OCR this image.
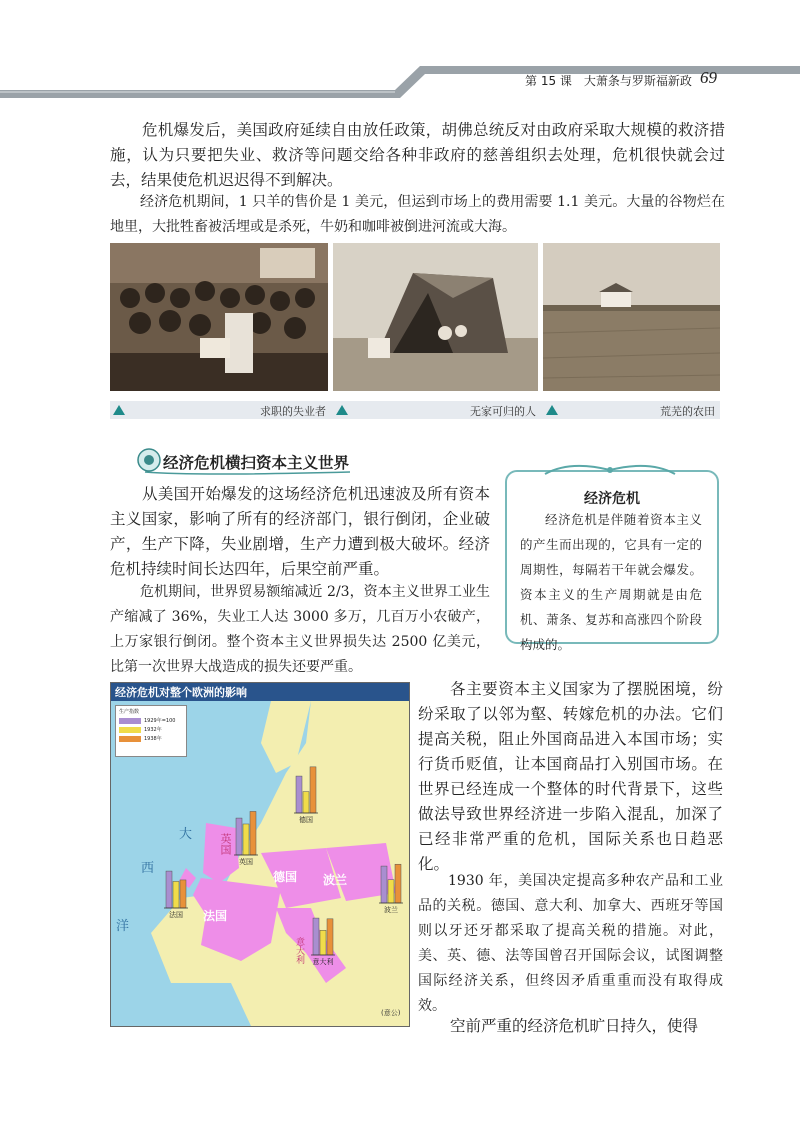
第 15 课　大萧条与罗斯福新政 69

危机爆发后，美国政府延续自由放任政策，胡佛总统反对由政府采取大规模的救济措施，认为只要把失业、救济等问题交给各种非政府的慈善组织去处理，危机很快就会过去，结果使危机迟迟得不到解决。

经济危机期间，1 只羊的售价是 1 美元，但运到市场上的费用需要 1.1 美元。大量的谷物烂在地里，大批牲畜被活埋或是杀死，牛奶和咖啡被倒进河流或大海。

求职的失业者	无家可归的人	荒芜的农田
经济危机横扫资本主义世界

从美国开始爆发的这场经济危机迅速波及所有资本主义国家，影响了所有的经济部门，银行倒闭，企业破产，生产下降，失业剧增，生产力遭到极大破坏。经济危机持续时间长达四年，后果空前严重。

危机期间，世界贸易额缩减近 2/3，资本主义世界工业生产缩减了 36%，失业工人达 3000 多万，几百万小农破产，上万家银行倒闭。整个资本主义世界损失达 2500 亿美元，比第一次世界大战造成的损失还要严重。

经济危机

经济危机是伴随着资本主义的产生而出现的，它具有一定的周期性，每隔若干年就会爆发。资本主义的生产周期就是由危机、萧条、复苏和高涨四个阶段构成的。

经济危机对整个欧洲的影响
生产指数
1929年=100
1932年
1938年
大
西
洋
英国
德国
法国
波兰
意大利
英国
德国
法国
波兰
意大利
(意公)

各主要资本主义国家为了摆脱困境，纷纷采取了以邻为壑、转嫁危机的办法。它们提高关税，阻止外国商品进入本国市场；实行货币贬值，让本国商品打入别国市场。在世界已经连成一个整体的时代背景下，这些做法导致世界经济进一步陷入混乱，加深了已经非常严重的危机，国际关系也日趋恶化。

1930 年，美国决定提高多种农产品和工业品的关税。德国、意大利、加拿大、西班牙等国则以牙还牙都采取了提高关税的措施。对此，美、英、德、法等国曾召开国际会议，试图调整国际经济关系，但终因矛盾重重而没有取得成效。

空前严重的经济危机旷日持久，使得
